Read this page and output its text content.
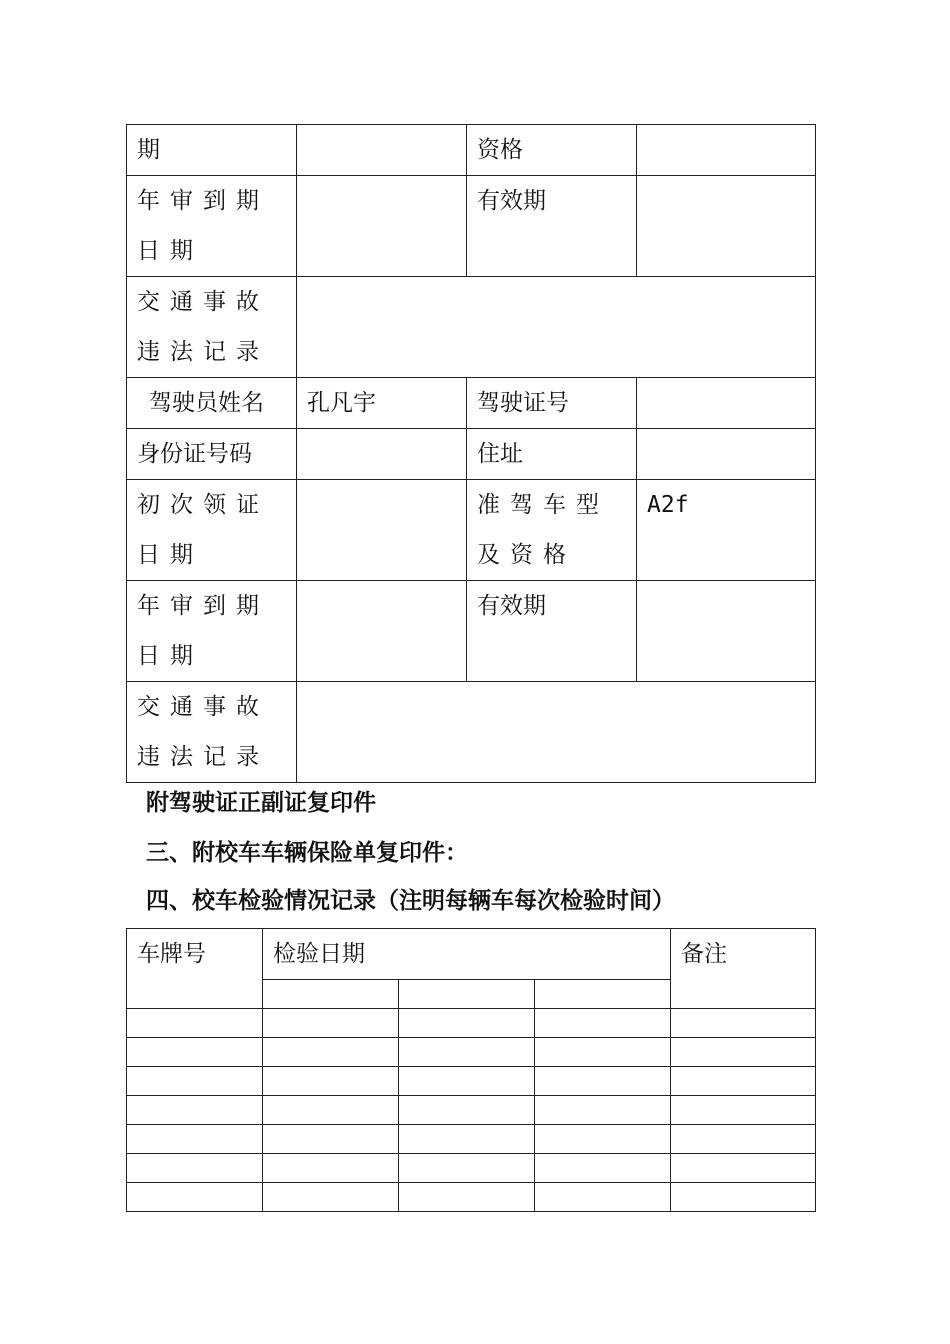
期		资格	
年审到期日期		有效期	
交通事故违法记录			
驾驶员姓名	孔凡宇	驾驶证号	
身份证号码		住址	
初次领证日期		准驾车型及资格	A2f
年审到期日期		有效期	
交通事故违法记录			
附驾驶证正副证复印件
三、附校车车辆保险单复印件：
四、校车检验情况记录（注明每辆车每次检验时间）
车牌号	检验日期			备注
